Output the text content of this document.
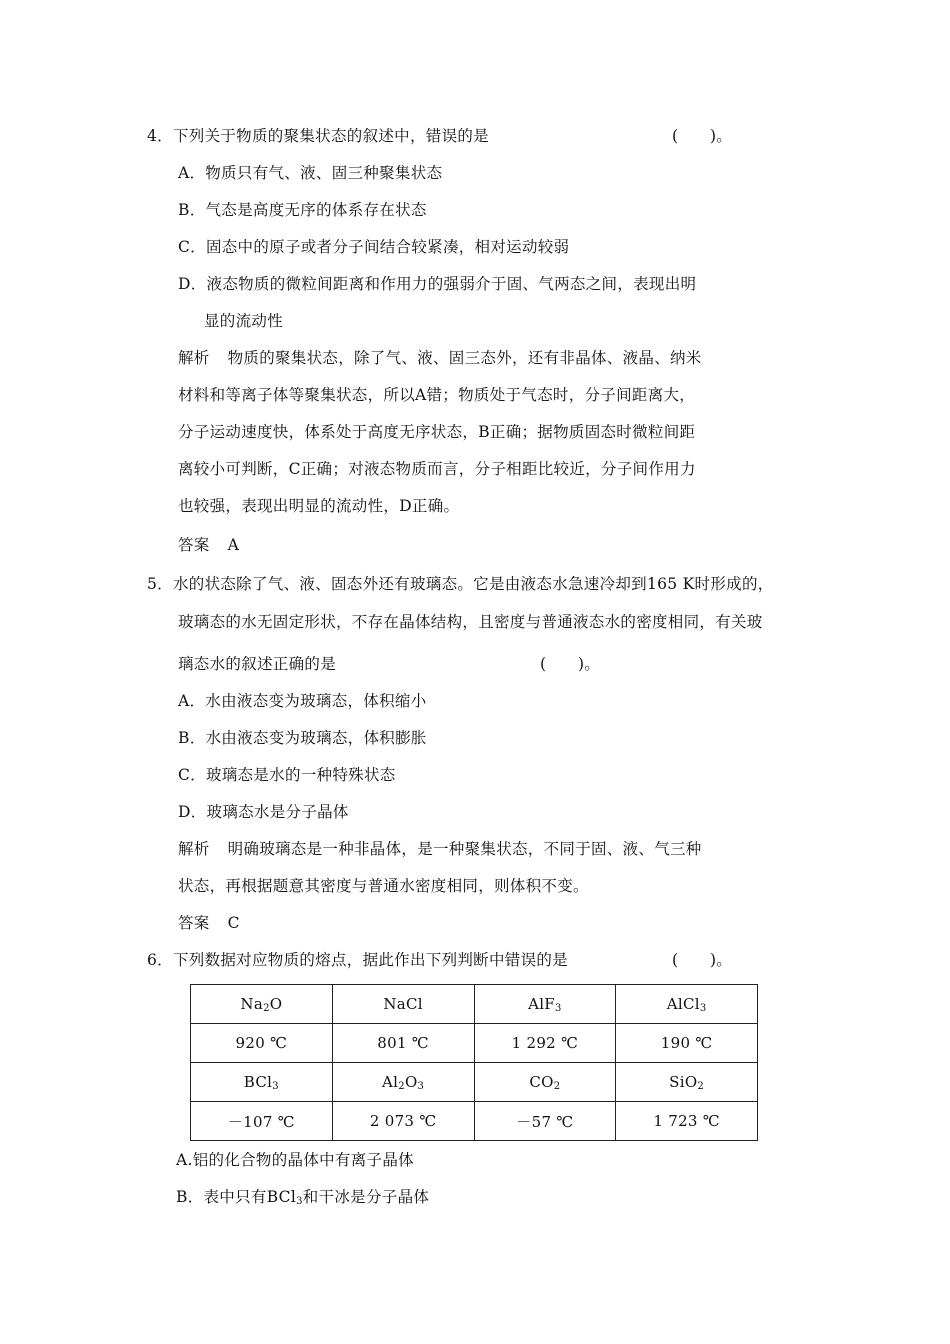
4．下列关于物质的聚集状态的叙述中，错误的是	(　　)。
A．物质只有气、液、固三种聚集状态
B．气态是高度无序的体系存在状态
C．固态中的原子或者分子间结合较紧凑，相对运动较弱
D．液态物质的微粒间距离和作用力的强弱介于固、气两态之间，表现出明
显的流动性
解析 物质的聚集状态，除了气、液、固三态外，还有非晶体、液晶、纳米
材料和等离子体等聚集状态，所以A错；物质处于气态时，分子间距离大，
分子运动速度快，体系处于高度无序状态，B正确；据物质固态时微粒间距
离较小可判断，C正确；对液态物质而言，分子相距比较近，分子间作用力
也较强，表现出明显的流动性，D正确。
答案 A
5．水的状态除了气、液、固态外还有玻璃态。它是由液态水急速冷却到165 K时形成的，
玻璃态的水无固定形状，不存在晶体结构，且密度与普通液态水的密度相同，有关玻
璃态水的叙述正确的是	(　　)。
A．水由液态变为玻璃态，体积缩小
B．水由液态变为玻璃态，体积膨胀
C．玻璃态是水的一种特殊状态
D．玻璃态水是分子晶体
解析 明确玻璃态是一种非晶体，是一种聚集状态，不同于固、液、气三种
状态，再根据题意其密度与普通水密度相同，则体积不变。
答案 C
6．下列数据对应物质的熔点，据此作出下列判断中错误的是	(　　)。
$Na_2O$	NaCl	AlF$_3$	AlCl$_3$
920 ℃	801 ℃	1 292 ℃	190 ℃
BCl$_3$	$Al_2O_3$	$CO_2$	SiO$_2$
－107 ℃	2 073 ℃	－57 ℃	1 723 ℃
A.铝的化合物的晶体中有离子晶体
B．表中只有BCl$_3$和干冰是分子晶体
